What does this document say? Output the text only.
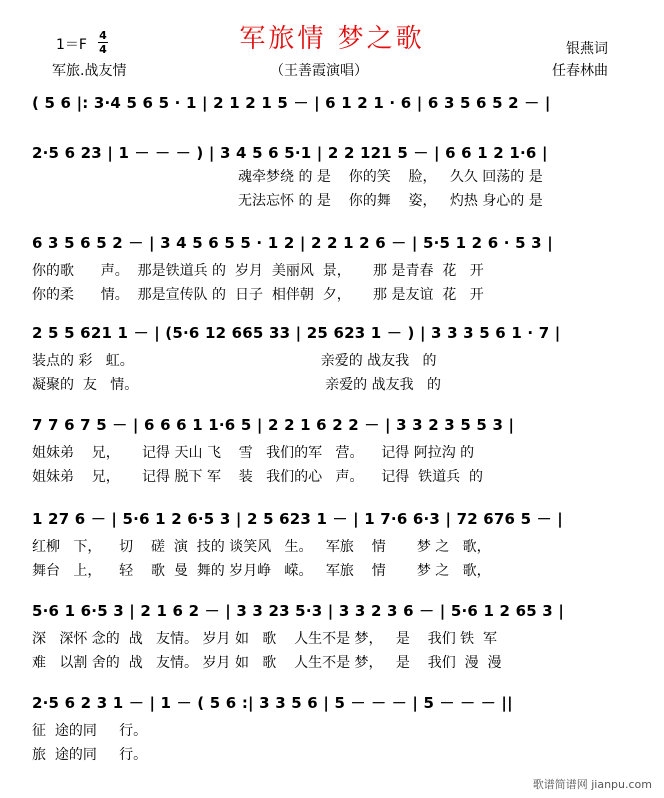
军旅情 梦之歌
1＝F
4
4
军旅.战友情	（王善霞演唱）
银燕词
任春林曲
( 5 6 |: 3·4 5 6 5 · 1 | 2 1 2 1 5 － | 6 1 2 1 · 6 | 6 3 5 6 5 2 － |
2·5 6 23 | 1 － － － ) | 3 4 5 6 5·1 | 2 2 121 5 － | 6 6 1 2 1·6 |
魂牵梦绕 的 是    你的笑    脸，   久久 回荡的 是
无法忘怀 的 是    你的舞    姿，   灼热 身心的 是
6 3 5 6 5 2 － | 3 4 5 6 5 5 · 1 2 | 2 2 1 2 6 － | 5·5 1 2 6 · 5 3 |
你的歌      声。  那是铁道兵 的  岁月  美丽风  景，     那 是青春  花   开
你的柔      情。  那是宣传队 的  日子  相伴朝  夕，     那 是友谊  花   开
2 5 5 621 1 － | (5·6 12 665 33 | 25 623 1 － ) | 3 3 3 5 6 1 · 7 |
装点的 彩   虹。                                          亲爱的 战友我   的
凝聚的  友   情。                                          亲爱的 战友我   的
7 7 6 7 5 － | 6 6 6 1 1·6 5 | 2 2 1 6 2 2 － | 3 3 2 3 5 5 3 |
姐妹弟    兄，     记得 天山 飞    雪   我们的军   营。    记得 阿拉沟 的
姐妹弟    兄，     记得 脱下 军    装   我们的心   声。    记得  铁道兵  的
1 27 6 － | 5·6 1 2 6·5 3 | 2 5 623 1 － | 1 7·6 6·3 | 72 676 5 － |
红柳   下，    切    磋  演  技的 谈笑风   生。   军旅    情       梦 之   歌，
舞台   上，    轻    歌  曼  舞的 岁月峥   嵘。   军旅    情       梦 之   歌，
5·6 1 6·5 3 | 2 1 6 2 － | 3 3 23 5·3 | 3 3 2 3 6 － | 5·6 1 2 65 3 |
深   深怀 念的  战   友情。 岁月 如   歌    人生不是 梦，   是    我们 铁  军
难   以割 舍的  战   友情。 岁月 如   歌    人生不是 梦，   是    我们  漫  漫
2·5 6 2 3 1 － | 1 － ( 5 6 :| 3 3 5 6 | 5 － － － | 5 － － － ||
征  途的同     行。
旅  途的同     行。
歌谱简谱网 jianpu.com
